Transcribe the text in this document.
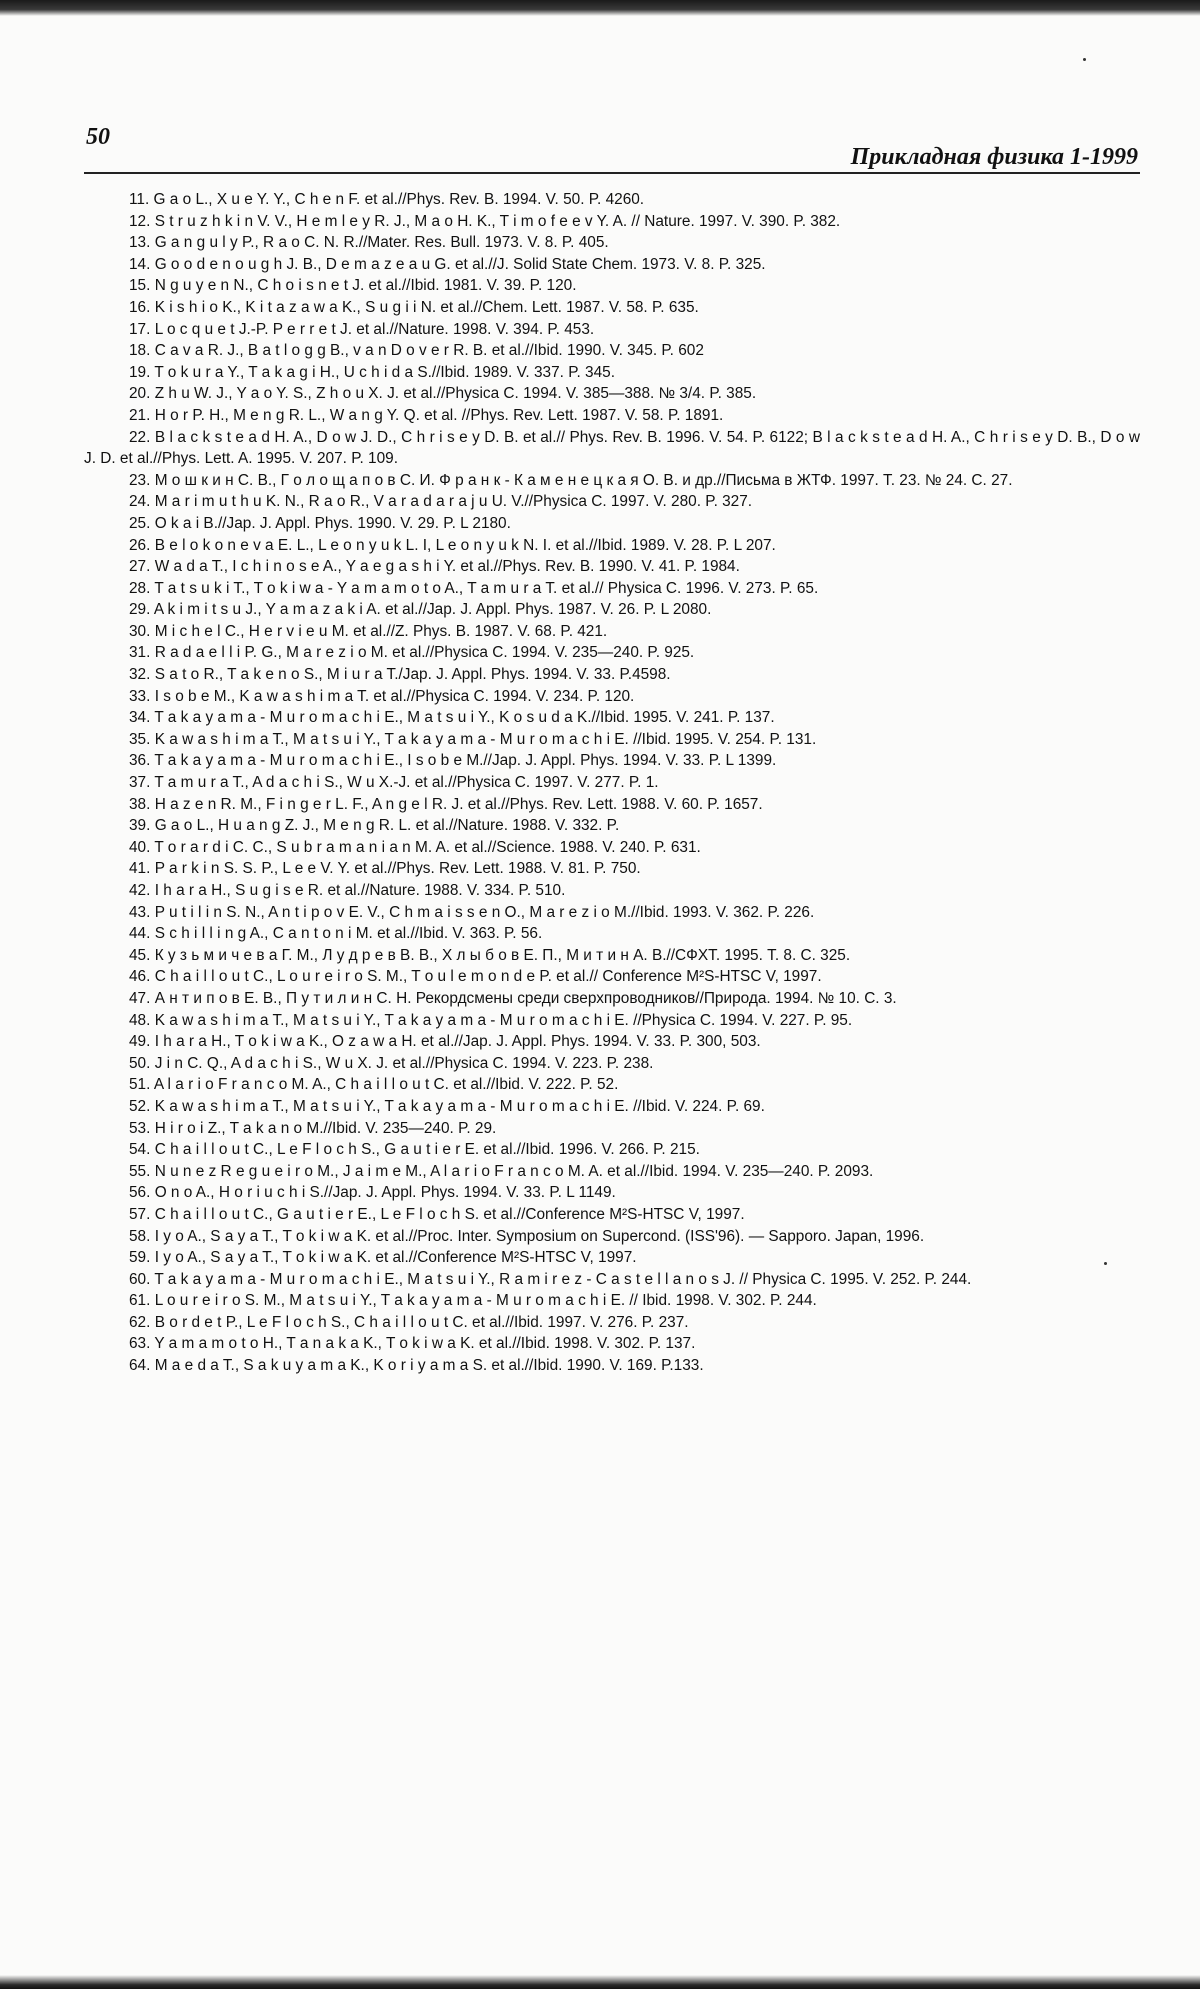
50
Прикладная физика 1-1999

11. G a o L., X u e Y. Y., C h e n F. et al.//Phys. Rev. B. 1994. V. 50. P. 4260.

12. S t r u z h k i n V. V., H e m l e y R. J., M a o H. K., T i m o f e e v Y. A. // Nature. 1997. V. 390. P. 382.

13. G a n g u l y P., R a o C. N. R.//Mater. Res. Bull. 1973. V. 8. P. 405.

14. G o o d e n o u g h J. B., D e m a z e a u G. et al.//J. Solid State Chem. 1973. V. 8. P. 325.

15. N g u y e n N., C h o i s n e t J. et al.//Ibid. 1981. V. 39. P. 120.

16. K i s h i o K., K i t a z a w a K., S u g i i N. et al.//Chem. Lett. 1987. V. 58. P. 635.

17. L o c q u e t J.-P. P e r r e t J. et al.//Nature. 1998. V. 394. P. 453.

18. C a v a R. J., B a t l o g g B., v a n D o v e r R. B. et al.//Ibid. 1990. V. 345. P. 602

19. T o k u r a Y., T a k a g i H., U c h i d a S.//Ibid. 1989. V. 337. P. 345.

20. Z h u W. J., Y a o Y. S., Z h o u X. J. et al.//Physica C. 1994. V. 385—388. № 3/4. P. 385.

21. H o r P. H., M e n g R. L., W a n g Y. Q. et al. //Phys. Rev. Lett. 1987. V. 58. P. 1891.

22. B l a c k s t e a d H. A., D o w J. D., C h r i s e y D. B. et al.// Phys. Rev. B. 1996. V. 54. P. 6122; B l a c k s t e a d H. A., C h r i s e y D. B., D o w J. D. et al.//Phys. Lett. A. 1995. V. 207. P. 109.

23. М о ш к и н С. В., Г о л о щ а п о в С. И. Ф р а н к - К а м е н е ц к а я О. В. и др.//Письма в ЖТФ. 1997. Т. 23. № 24. С. 27.

24. M a r i m u t h u K. N., R a o R., V a r a d a r a j u U. V.//Physica C. 1997. V. 280. P. 327.

25. O k a i B.//Jap. J. Appl. Phys. 1990. V. 29. P. L 2180.

26. B e l o k o n e v a E. L., L e o n y u k L. I, L e o n y u k N. I. et al.//Ibid. 1989. V. 28. P. L 207.

27. W a d a T., I c h i n o s e A., Y a e g a s h i Y. et al.//Phys. Rev. B. 1990. V. 41. P. 1984.

28. T a t s u k i T., T o k i w a - Y a m a m o t o A., T a m u r a T. et al.// Physica C. 1996. V. 273. P. 65.

29. A k i m i t s u J., Y a m a z a k i A. et al.//Jap. J. Appl. Phys. 1987. V. 26. P. L 2080.

30. M i c h e l C., H e r v i e u M. et al.//Z. Phys. B. 1987. V. 68. P. 421.

31. R a d a e l l i P. G., M a r e z i o M. et al.//Physica C. 1994. V. 235—240. P. 925.

32. S a t o R., T a k e n o S., M i u r a T./Jap. J. Appl. Phys. 1994. V. 33. P.4598.

33. I s o b e M., K a w a s h i m a T. et al.//Physica C. 1994. V. 234. P. 120.

34. T a k a y a m a - M u r o m a c h i E., M a t s u i Y., K o s u d a K.//Ibid. 1995. V. 241. P. 137.

35. K a w a s h i m a T., M a t s u i Y., T a k a y a m a - M u r o m a c h i E. //Ibid. 1995. V. 254. P. 131.

36. T a k a y a m a - M u r o m a c h i E., I s o b e M.//Jap. J. Appl. Phys. 1994. V. 33. P. L 1399.

37. T a m u r a T., A d a c h i S., W u X.-J. et al.//Physica C. 1997. V. 277. P. 1.

38. H a z e n R. M., F i n g e r L. F., A n g e l R. J. et al.//Phys. Rev. Lett. 1988. V. 60. P. 1657.

39. G a o L., H u a n g Z. J., M e n g R. L. et al.//Nature. 1988. V. 332. P.

40. T o r a r d i C. C., S u b r a m a n i a n M. A. et al.//Science. 1988. V. 240. P. 631.

41. P a r k i n S. S. P., L e e V. Y. et al.//Phys. Rev. Lett. 1988. V. 81. P. 750.

42. I h a r a H., S u g i s e R. et al.//Nature. 1988. V. 334. P. 510.

43. P u t i l i n S. N., A n t i p o v E. V., C h m a i s s e n O., M a r e z i o M.//Ibid. 1993. V. 362. P. 226.

44. S c h i l l i n g A., C a n t o n i M. et al.//Ibid. V. 363. P. 56.

45. К у з ь м и ч е в а Г. М., Л у д р е в В. В., Х л ы б о в Е. П., М и т и н А. В.//СФХТ. 1995. Т. 8. С. 325.

46. C h a i l l o u t C., L o u r e i r o S. M., T o u l e m o n d e P. et al.// Conference M²S-HTSC V, 1997.

47. А н т и п о в Е. В., П у т и л и н С. Н. Рекордсмены среди сверхпроводников//Природа. 1994. № 10. С. 3.

48. K a w a s h i m a T., M a t s u i Y., T a k a y a m a - M u r o m a c h i E. //Physica C. 1994. V. 227. P. 95.

49. I h a r a H., T o k i w a K., O z a w a H. et al.//Jap. J. Appl. Phys. 1994. V. 33. P. 300, 503.

50. J i n C. Q., A d a c h i S., W u X. J. et al.//Physica C. 1994. V. 223. P. 238.

51. A l a r i o F r a n c o M. A., C h a i l l o u t C. et al.//Ibid. V. 222. P. 52.

52. K a w a s h i m a T., M a t s u i Y., T a k a y a m a - M u r o m a c h i E. //Ibid. V. 224. P. 69.

53. H i r o i Z., T a k a n o M.//Ibid. V. 235—240. P. 29.

54. C h a i l l o u t C., L e F l o c h S., G a u t i e r E. et al.//Ibid. 1996. V. 266. P. 215.

55. N u n e z R e g u e i r o M., J a i m e M., A l a r i o F r a n c o M. A. et al.//Ibid. 1994. V. 235—240. P. 2093.

56. O n o A., H o r i u c h i S.//Jap. J. Appl. Phys. 1994. V. 33. P. L 1149.

57. C h a i l l o u t C., G a u t i e r E., L e F l o c h S. et al.//Conference M²S-HTSC V, 1997.

58. I y o A., S a y a T., T o k i w a K. et al.//Proc. Inter. Symposium on Supercond. (ISS'96). — Sapporo. Japan, 1996.

59. I y o A., S a y a T., T o k i w a K. et al.//Conference M²S-HTSC V, 1997.

60. T a k a y a m a - M u r o m a c h i E., M a t s u i Y., R a m i r e z - C a s t e l l a n o s J. // Physica C. 1995. V. 252. P. 244.

61. L o u r e i r o S. M., M a t s u i Y., T a k a y a m a - M u r o m a c h i E. // Ibid. 1998. V. 302. P. 244.

62. B o r d e t P., L e F l o c h S., C h a i l l o u t C. et al.//Ibid. 1997. V. 276. P. 237.

63. Y a m a m o t o H., T a n a k a K., T o k i w a K. et al.//Ibid. 1998. V. 302. P. 137.

64. M a e d a T., S a k u y a m a K., K o r i y a m a S. et al.//Ibid. 1990. V. 169. P.133.
